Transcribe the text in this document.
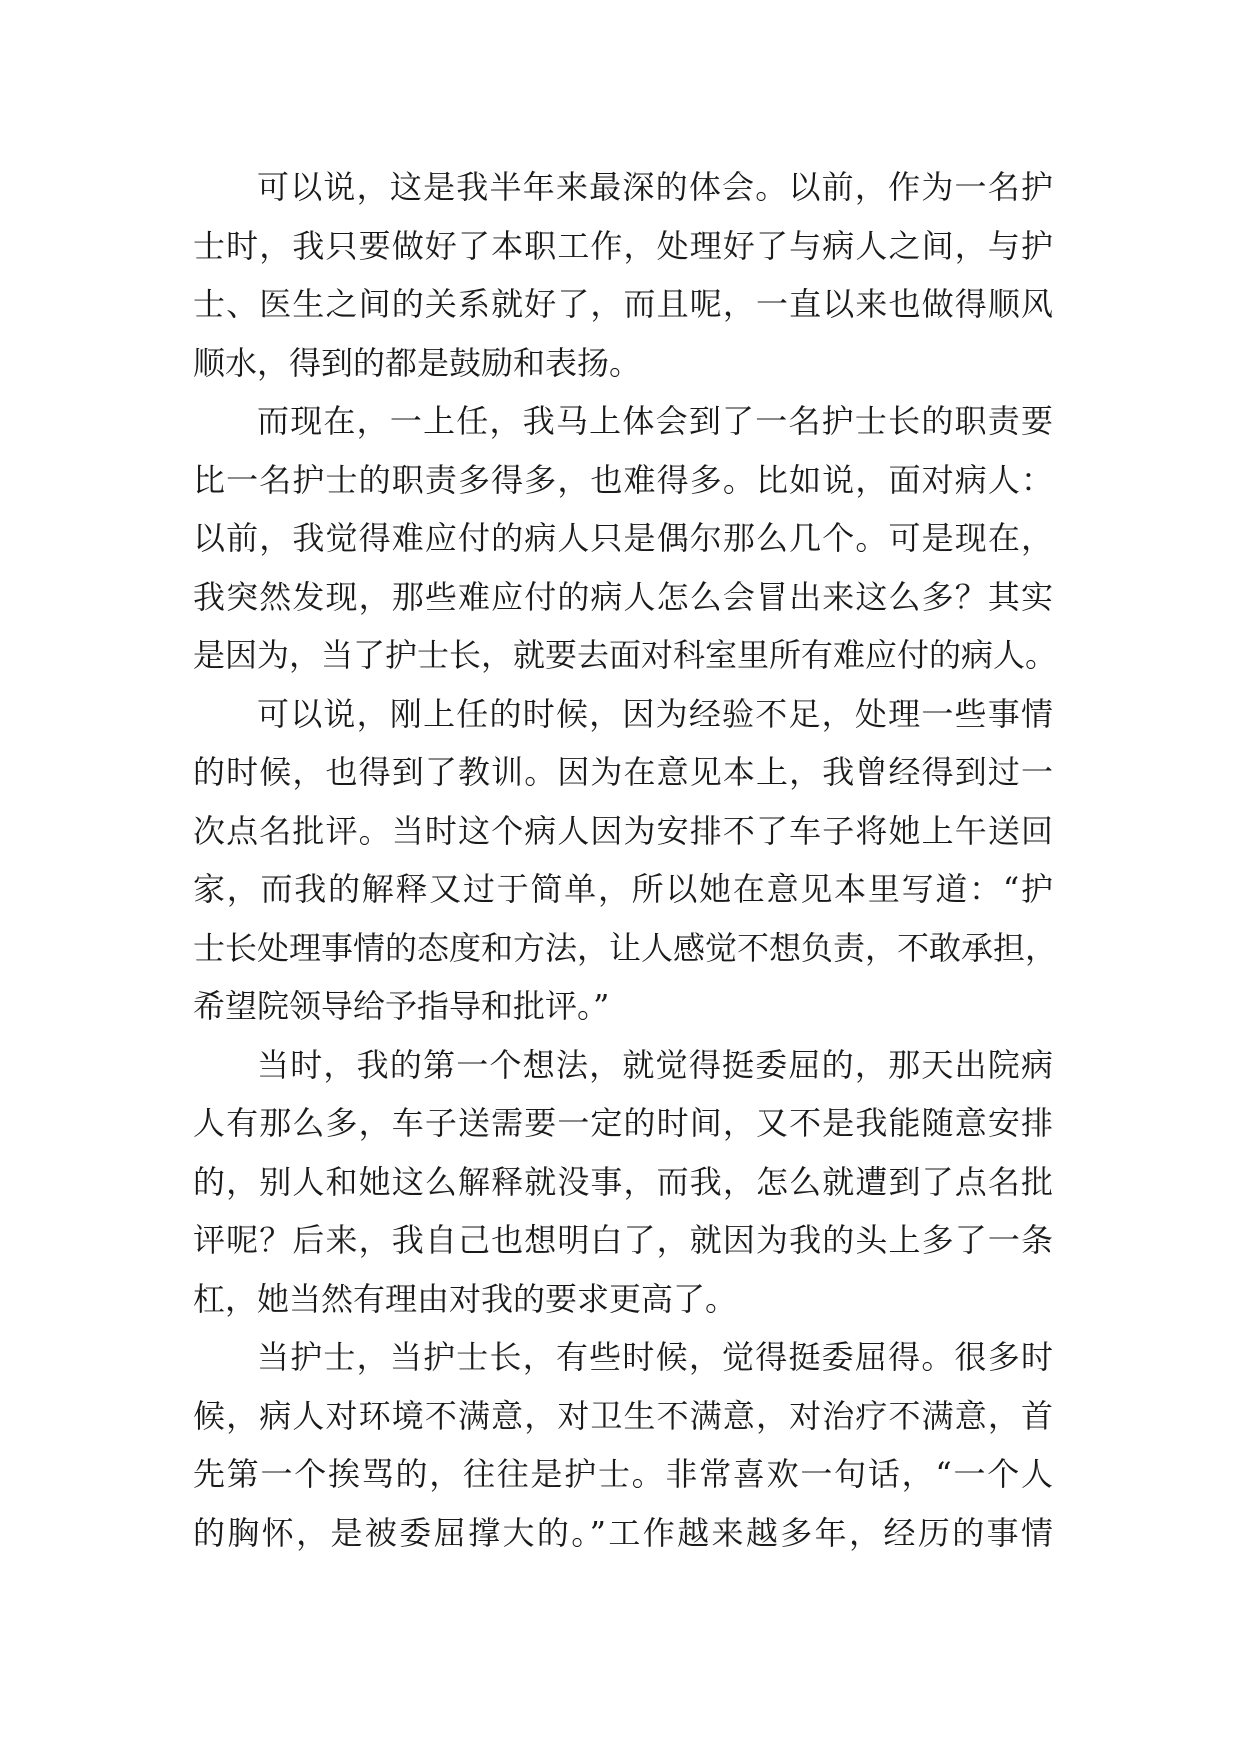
可以说，这是我半年来最深的体会。以前，作为一名护
士时，我只要做好了本职工作，处理好了与病人之间，与护
士、医生之间的关系就好了，而且呢，一直以来也做得顺风
顺水，得到的都是鼓励和表扬。
而现在，一上任，我马上体会到了一名护士长的职责要
比一名护士的职责多得多，也难得多。比如说，面对病人：
以前，我觉得难应付的病人只是偶尔那么几个。可是现在，
我突然发现，那些难应付的病人怎么会冒出来这么多？其实
是因为，当了护士长，就要去面对科室里所有难应付的病人。
可以说，刚上任的时候，因为经验不足，处理一些事情
的时候，也得到了教训。因为在意见本上，我曾经得到过一
次点名批评。当时这个病人因为安排不了车子将她上午送回
家，而我的解释又过于简单，所以她在意见本里写道：“护
士长处理事情的态度和方法，让人感觉不想负责，不敢承担，
希望院领导给予指导和批评。”
当时，我的第一个想法，就觉得挺委屈的，那天出院病
人有那么多，车子送需要一定的时间，又不是我能随意安排
的，别人和她这么解释就没事，而我，怎么就遭到了点名批
评呢？后来，我自己也想明白了，就因为我的头上多了一条
杠，她当然有理由对我的要求更高了。
当护士，当护士长，有些时候，觉得挺委屈得。很多时
候，病人对环境不满意，对卫生不满意，对治疗不满意，首
先第一个挨骂的，往往是护士。非常喜欢一句话，“一个人
的胸怀，是被委屈撑大的。”工作越来越多年，经历的事情
